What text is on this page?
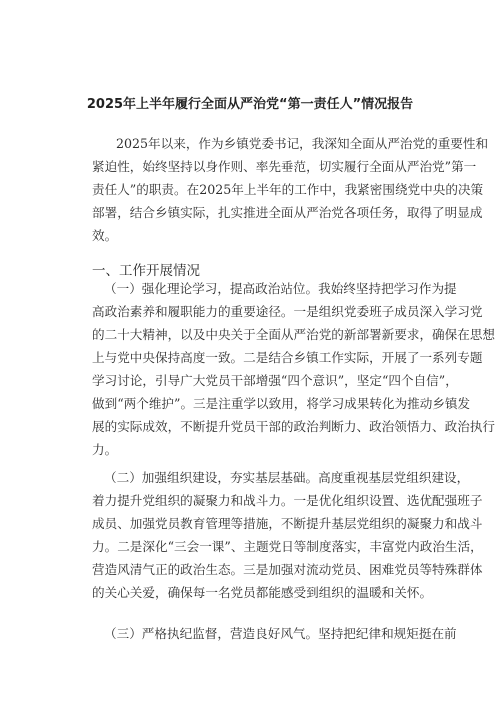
2025年上半年履行全面从严治党“第一责任人”情况报告
2025年以来，作为乡镇党委书记，我深知全面从严治党的重要性和
紧迫性，始终坚持以身作则、率先垂范，切实履行全面从严治党”第一
责任人”的职责。在2025年上半年的工作中，我紧密围绕党中央的决策
部署，结合乡镇实际，扎实推进全面从严治党各项任务，取得了明显成
效。
一、工作开展情况
（一）强化理论学习，提高政治站位。我始终坚持把学习作为提
高政治素养和履职能力的重要途径。一是组织党委班子成员深入学习党
的二十大精神，以及中央关于全面从严治党的新部署新要求，确保在思想
上与党中央保持高度一致。二是结合乡镇工作实际，开展了一系列专题
学习讨论，引导广大党员干部增强“四个意识”，坚定“四个自信”，
做到“两个维护”。三是注重学以致用，将学习成果转化为推动乡镇发
展的实际成效，不断提升党员干部的政治判断力、政治领悟力、政治执行
力。
（二）加强组织建设，夯实基层基础。高度重视基层党组织建设，
着力提升党组织的凝聚力和战斗力。一是优化组织设置、选优配强班子
成员、加强党员教育管理等措施，不断提升基层党组织的凝聚力和战斗
力。二是深化“三会一课”、主题党日等制度落实，丰富党内政治生活，
营造风清气正的政治生态。三是加强对流动党员、困难党员等特殊群体
的关心关爱，确保每一名党员都能感受到组织的温暖和关怀。
（三）严格执纪监督，营造良好风气。坚持把纪律和规矩挺在前
